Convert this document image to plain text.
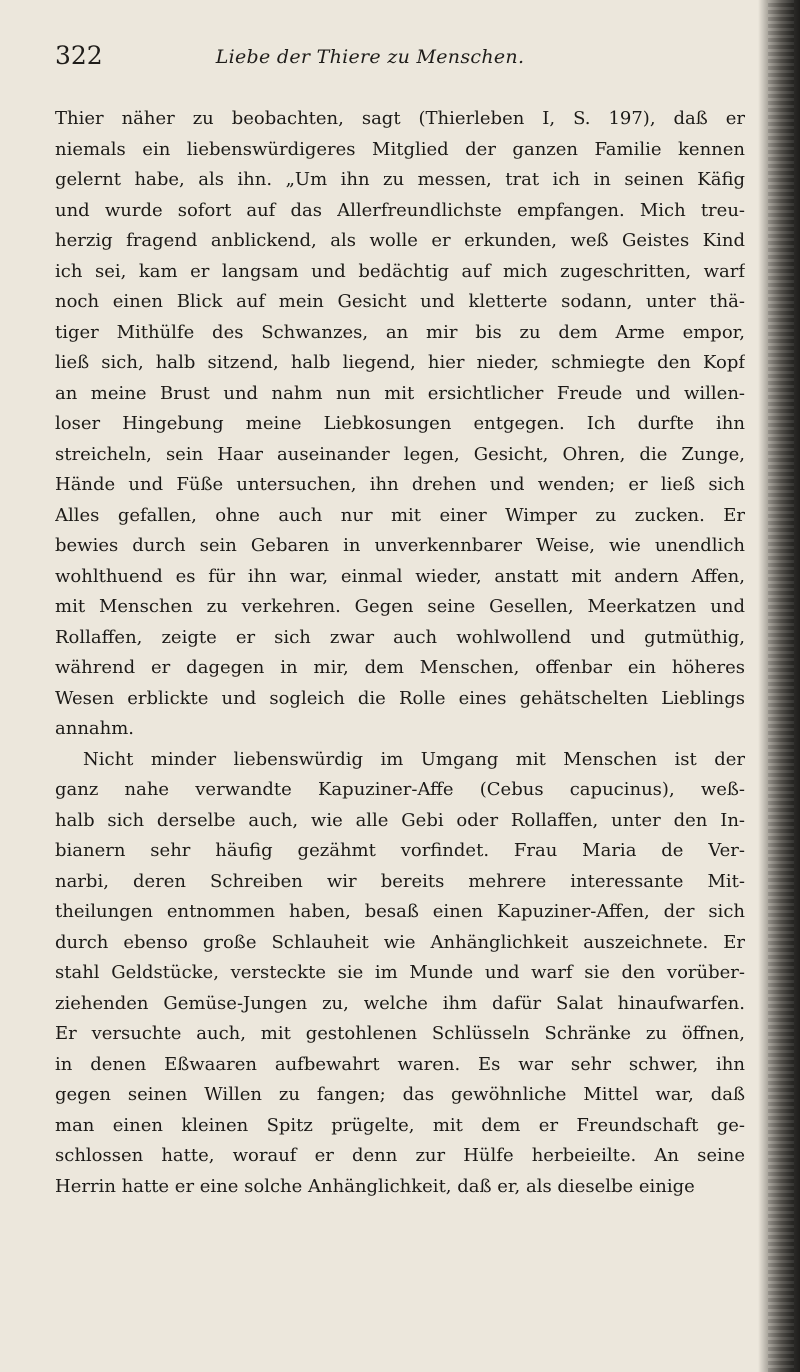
322	Liebe der Thiere zu Menschen.
Thier näher zu beobachten, sagt (Thierleben I, S. 197), daß er
niemals ein liebenswürdigeres Mitglied der ganzen Familie kennen
gelernt habe, als ihn. „Um ihn zu messen, trat ich in seinen Käfig
und wurde sofort auf das Allerfreundlichste empfangen. Mich treu-
herzig fragend anblickend, als wolle er erkunden, weß Geistes Kind
ich sei, kam er langsam und bedächtig auf mich zugeschritten, warf
noch einen Blick auf mein Gesicht und kletterte sodann, unter thä-
tiger Mithülfe des Schwanzes, an mir bis zu dem Arme empor,
ließ sich, halb sitzend, halb liegend, hier nieder, schmiegte den Kopf
an meine Brust und nahm nun mit ersichtlicher Freude und willen-
loser Hingebung meine Liebkosungen entgegen. Ich durfte ihn
streicheln, sein Haar auseinander legen, Gesicht, Ohren, die Zunge,
Hände und Füße untersuchen, ihn drehen und wenden; er ließ sich
Alles gefallen, ohne auch nur mit einer Wimper zu zucken. Er
bewies durch sein Gebaren in unverkennbarer Weise, wie unendlich
wohlthuend es für ihn war, einmal wieder, anstatt mit andern Affen,
mit Menschen zu verkehren. Gegen seine Gesellen, Meerkatzen und
Rollaffen, zeigte er sich zwar auch wohlwollend und gutmüthig,
während er dagegen in mir, dem Menschen, offenbar ein höheres
Wesen erblickte und sogleich die Rolle eines gehätschelten Lieblings
annahm.
Nicht minder liebenswürdig im Umgang mit Menschen ist der
ganz nahe verwandte Kapuziner-Affe (Cebus capucinus), weß-
halb sich derselbe auch, wie alle Gebi oder Rollaffen, unter den In-
bianern sehr häufig gezähmt vorfindet. Frau Maria de Ver-
narbi, deren Schreiben wir bereits mehrere interessante Mit-
theilungen entnommen haben, besaß einen Kapuziner-Affen, der sich
durch ebenso große Schlauheit wie Anhänglichkeit auszeichnete. Er
stahl Geldstücke, versteckte sie im Munde und warf sie den vorüber-
ziehenden Gemüse-Jungen zu, welche ihm dafür Salat hinaufwarfen.
Er versuchte auch, mit gestohlenen Schlüsseln Schränke zu öffnen,
in denen Eßwaaren aufbewahrt waren. Es war sehr schwer, ihn
gegen seinen Willen zu fangen; das gewöhnliche Mittel war, daß
man einen kleinen Spitz prügelte, mit dem er Freundschaft ge-
schlossen hatte, worauf er denn zur Hülfe herbeieilte. An seine
Herrin hatte er eine solche Anhänglichkeit, daß er, als dieselbe einige
